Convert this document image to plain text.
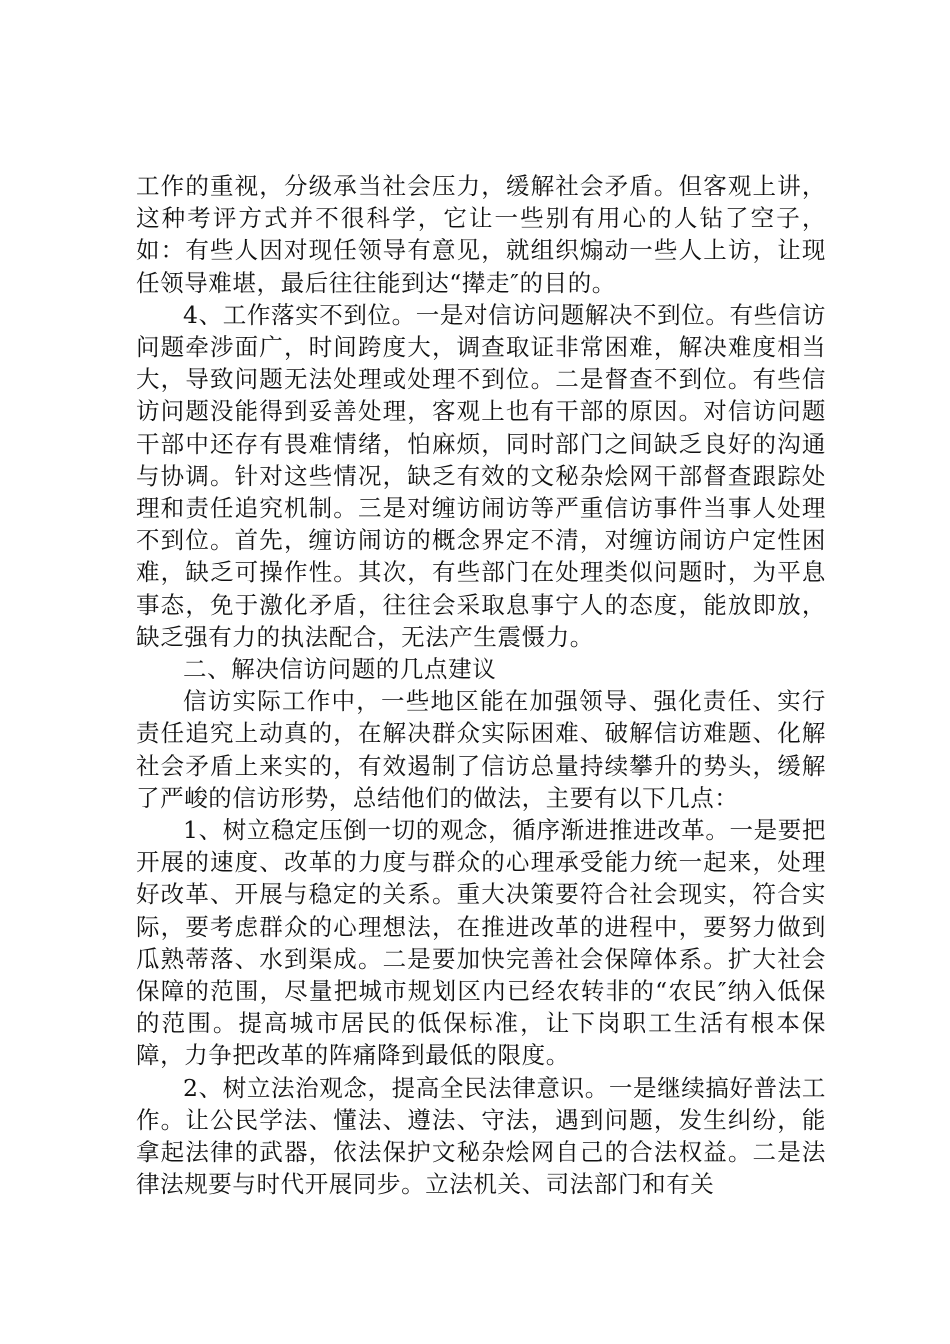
工作的重视，分级承当社会压力，缓解社会矛盾。但客观上讲，这种考评方式并不很科学，它让一些别有用心的人钻了空子，如：有些人因对现任领导有意见，就组织煽动一些人上访，让现任领导难堪，最后往往能到达“撵走″的目的。

4、工作落实不到位。一是对信访问题解决不到位。有些信访问题牵涉面广，时间跨度大，调查取证非常困难，解决难度相当大，导致问题无法处理或处理不到位。二是督查不到位。有些信访问题没能得到妥善处理，客观上也有干部的原因。对信访问题干部中还存有畏难情绪，怕麻烦，同时部门之间缺乏良好的沟通与协调。针对这些情况，缺乏有效的文秘杂烩网干部督查跟踪处理和责任追究机制。三是对缠访闹访等严重信访事件当事人处理不到位。首先，缠访闹访的概念界定不清，对缠访闹访户定性困难，缺乏可操作性。其次，有些部门在处理类似问题时，为平息事态，免于激化矛盾，往往会采取息事宁人的态度，能放即放，缺乏强有力的执法配合，无法产生震慑力。

二、解决信访问题的几点建议

信访实际工作中，一些地区能在加强领导、强化责任、实行责任追究上动真的，在解决群众实际困难、破解信访难题、化解社会矛盾上来实的，有效遏制了信访总量持续攀升的势头，缓解了严峻的信访形势，总结他们的做法，主要有以下几点：

1、树立稳定压倒一切的观念，循序渐进推进改革。一是要把开展的速度、改革的力度与群众的心理承受能力统一起来，处理好改革、开展与稳定的关系。重大决策要符合社会现实，符合实际，要考虑群众的心理想法，在推进改革的进程中，要努力做到瓜熟蒂落、水到渠成。二是要加快完善社会保障体系。扩大社会保障的范围，尽量把城市规划区内已经农转非的“农民″纳入低保的范围。提高城市居民的低保标准，让下岗职工生活有根本保障，力争把改革的阵痛降到最低的限度。

2、树立法治观念，提高全民法律意识。一是继续搞好普法工作。让公民学法、懂法、遵法、守法，遇到问题，发生纠纷，能拿起法律的武器，依法保护文秘杂烩网自己的合法权益。二是法律法规要与时代开展同步。立法机关、司法部门和有关
